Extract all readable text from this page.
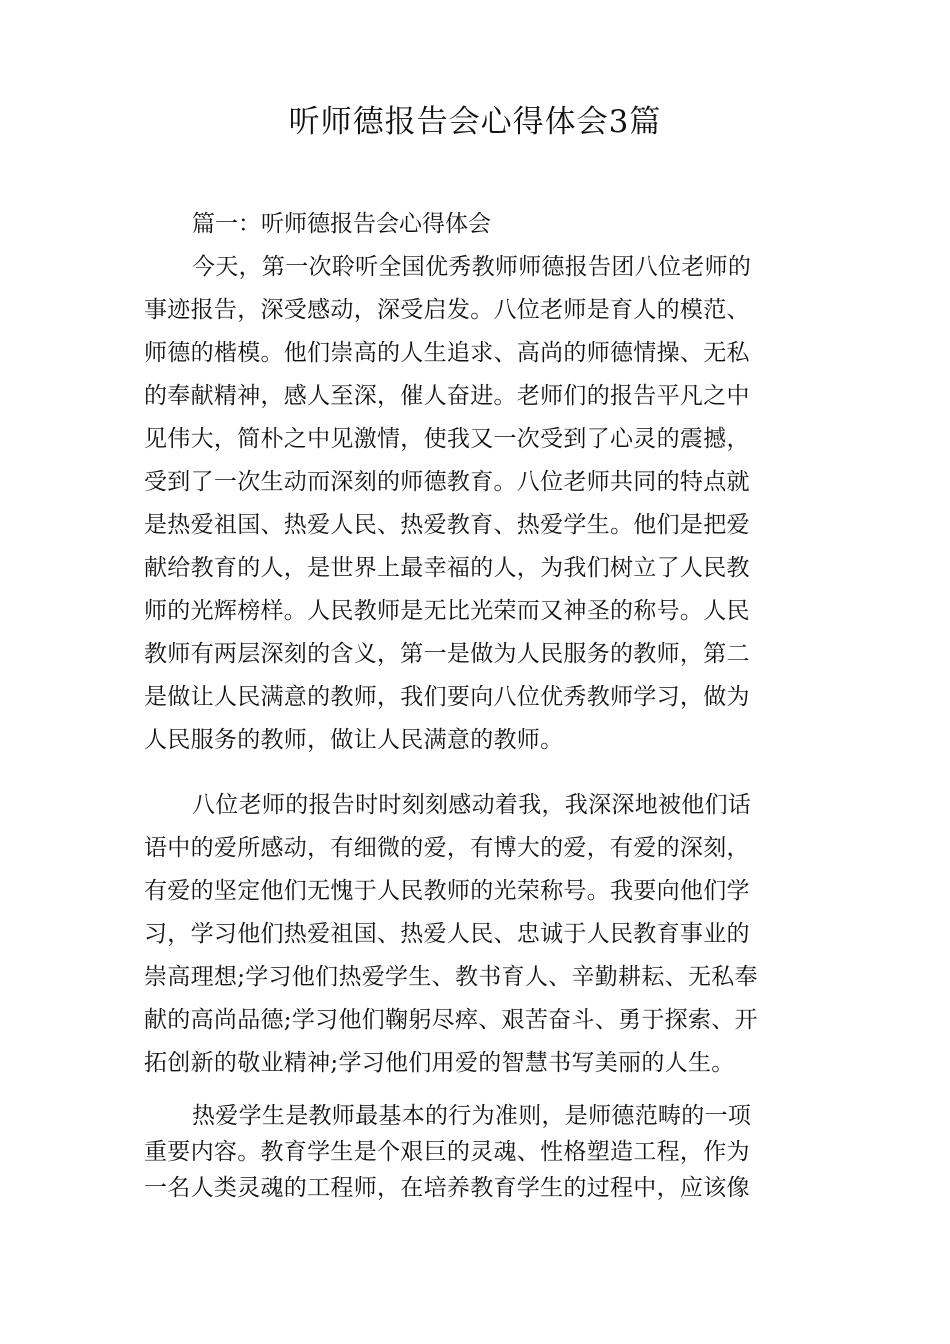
听师德报告会心得体会3篇
篇一：听师德报告会心得体会
今天，第一次聆听全国优秀教师师德报告团八位老师的
事迹报告，深受感动，深受启发。八位老师是育人的模范、
师德的楷模。他们崇高的人生追求、高尚的师德情操、无私
的奉献精神，感人至深，催人奋进。老师们的报告平凡之中
见伟大，简朴之中见激情，使我又一次受到了心灵的震撼，
受到了一次生动而深刻的师德教育。八位老师共同的特点就
是热爱祖国、热爱人民、热爱教育、热爱学生。他们是把爱
献给教育的人，是世界上最幸福的人，为我们树立了人民教
师的光辉榜样。人民教师是无比光荣而又神圣的称号。人民
教师有两层深刻的含义，第一是做为人民服务的教师，第二
是做让人民满意的教师，我们要向八位优秀教师学习，做为
人民服务的教师，做让人民满意的教师。
八位老师的报告时时刻刻感动着我，我深深地被他们话
语中的爱所感动，有细微的爱，有博大的爱，有爱的深刻，
有爱的坚定他们无愧于人民教师的光荣称号。我要向他们学
习，学习他们热爱祖国、热爱人民、忠诚于人民教育事业的
崇高理想;学习他们热爱学生、教书育人、辛勤耕耘、无私奉
献的高尚品德;学习他们鞠躬尽瘁、艰苦奋斗、勇于探索、开
拓创新的敬业精神;学习他们用爱的智慧书写美丽的人生。
热爱学生是教师最基本的行为准则，是师德范畴的一项
重要内容。教育学生是个艰巨的灵魂、性格塑造工程，作为
一名人类灵魂的工程师，在培养教育学生的过程中，应该像
